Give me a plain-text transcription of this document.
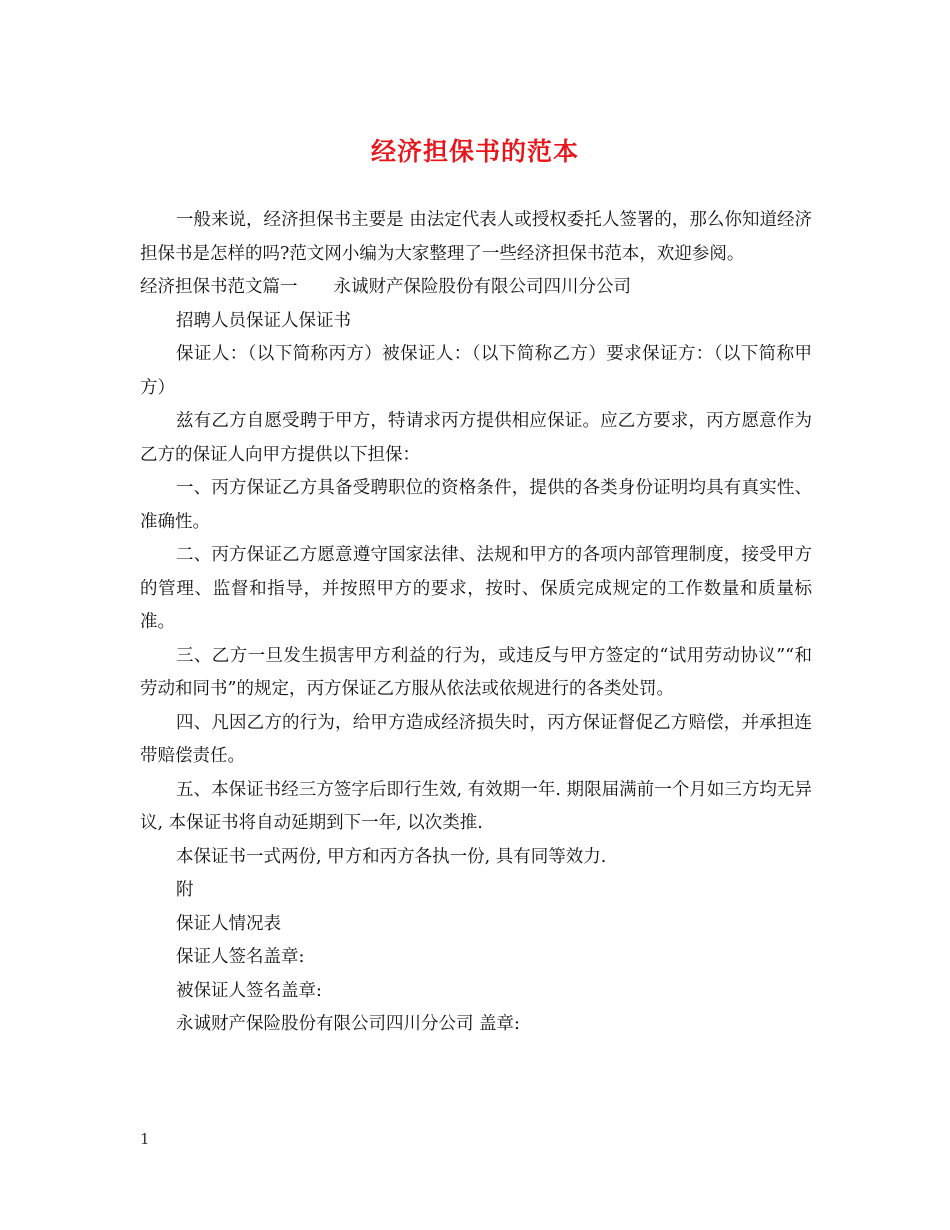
经济担保书的范本

一般来说，经济担保书主要是 由法定代表人或授权委托人签署的，那么你知道经济担保书是怎样的吗?范文网小编为大家整理了一些经济担保书范本，欢迎参阅。

经济担保书范文篇一 永诚财产保险股份有限公司四川分公司

招聘人员保证人保证书

保证人：（以下简称丙方）被保证人：（以下简称乙方）要求保证方：（以下简称甲方）

兹有乙方自愿受聘于甲方，特请求丙方提供相应保证。应乙方要求，丙方愿意作为乙方的保证人向甲方提供以下担保：

一、丙方保证乙方具备受聘职位的资格条件，提供的各类身份证明均具有真实性、准确性。

二、丙方保证乙方愿意遵守国家法律、法规和甲方的各项内部管理制度，接受甲方的管理、监督和指导，并按照甲方的要求，按时、保质完成规定的工作数量和质量标准。

三、乙方一旦发生损害甲方利益的行为，或违反与甲方签定的“试用劳动协议”“和劳动和同书”的规定，丙方保证乙方服从依法或依规进行的各类处罚。

四、凡因乙方的行为，给甲方造成经济损失时，丙方保证督促乙方赔偿，并承担连带赔偿责任。

五、本保证书经三方签字后即行生效, 有效期一年. 期限届满前一个月如三方均无异议, 本保证书将自动延期到下一年, 以次类推.

本保证书一式两份, 甲方和丙方各执一份, 具有同等效力.

附

保证人情况表

保证人签名盖章:

被保证人签名盖章:

永诚财产保险股份有限公司四川分公司 盖章:

1
